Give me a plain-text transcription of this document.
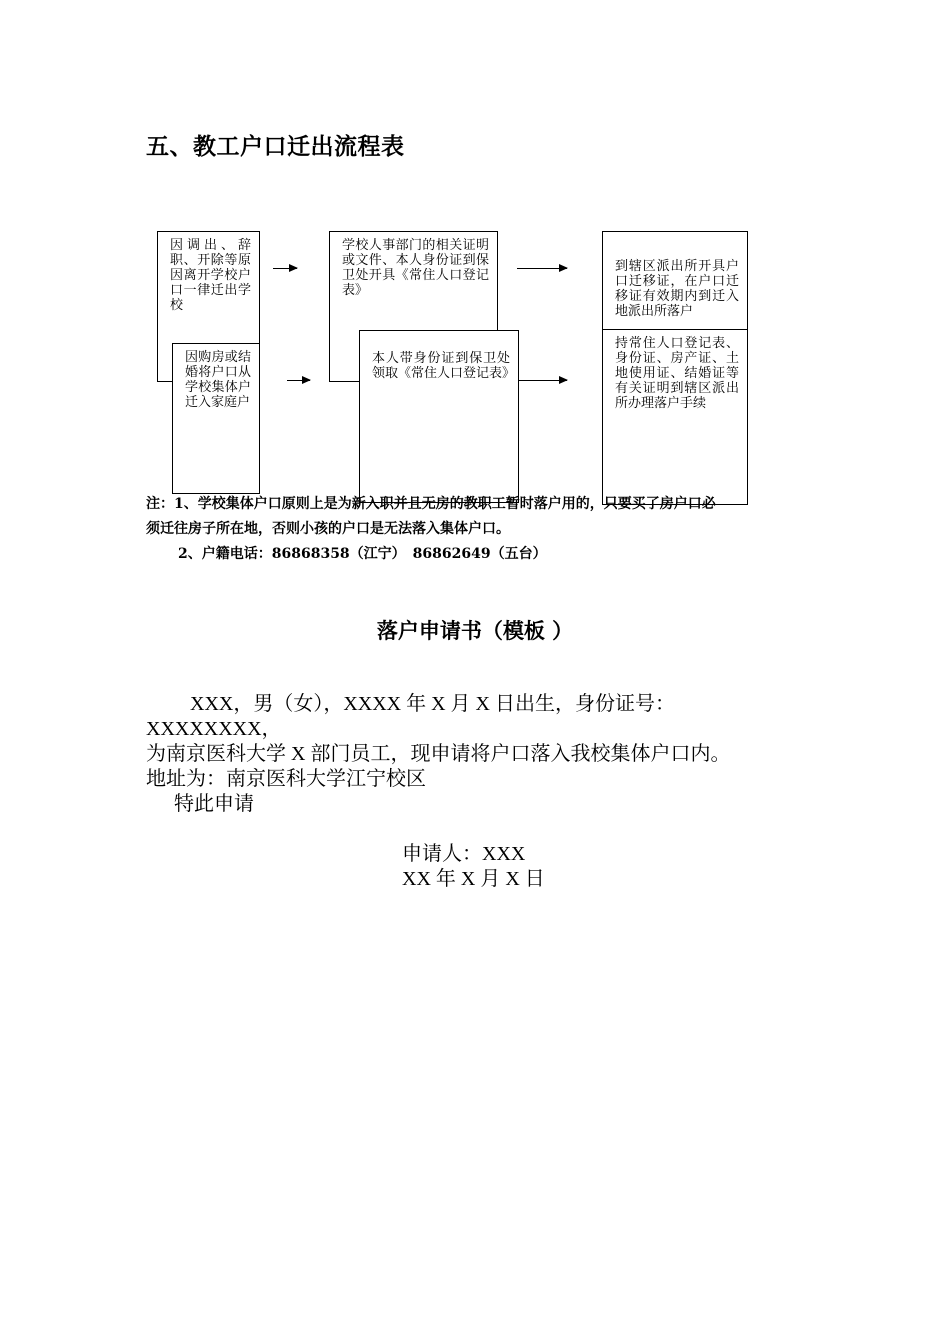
五、教工户口迁出流程表
因调出、辞职、开除等原因离开学校户口一律迁出学校
因购房或结婚将户口从学校集体户迁入家庭户
学校人事部门的相关证明或文件、本人身份证到保卫处开具《常住人口登记表》
本人带身份证到保卫处领取《常住人口登记表》
到辖区派出所开具户口迁移证，在户口迁移证有效期内到迁入地派出所落户
持常住人口登记表、身份证、房产证、土地使用证、结婚证等有关证明到辖区派出所办理落户手续
注：1、学校集体户口原则上是为新入职并且无房的教职工暂时落户用的，只要买了房户口必
须迁往房子所在地，否则小孩的户口是无法落入集体户口。
2、户籍电话：86868358（江宁）　86862649（五台）
落户申请书（模板 ）
XXX，男（女），XXXX 年 X 月 X 日出生，身份证号：
XXXXXXXX，
为南京医科大学 X 部门员工，现申请将户口落入我校集体户口内。
地址为：南京医科大学江宁校区
特此申请
申请人：XXX
XX 年 X 月 X 日
